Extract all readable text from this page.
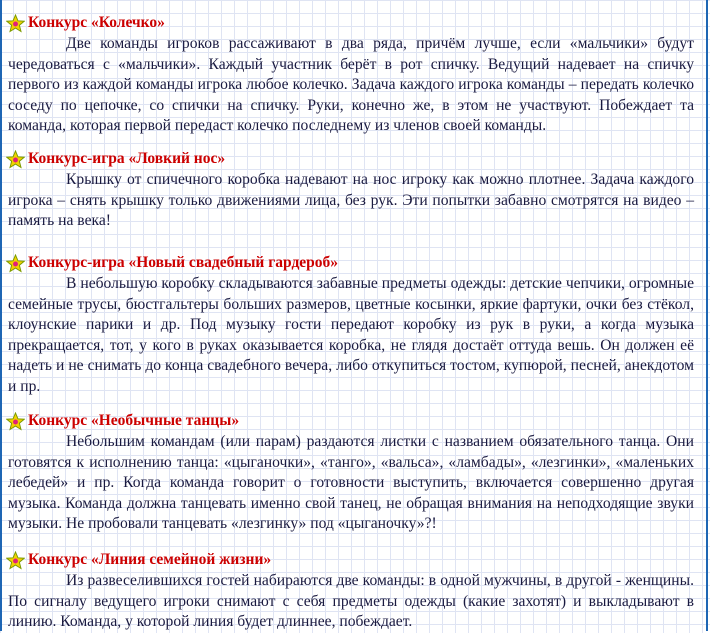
Конкурс «Колечко»

Две команды игроков рассаживают в два ряда, причём лучше, если «мальчики» будут чередоваться с «мальчики». Каждый участник берёт в рот спичку. Ведущий надевает на спичку первого из каждой команды игрока любое колечко. Задача каждого игрока команды – передать колечко соседу по цепочке, со спички на спичку. Руки, конечно же, в этом не участвуют. Побеждает та команда, которая первой передаст колечко последнему из членов своей команды.

Конкурс-игра «Ловкий нос»

Крышку от спичечного коробка надевают на нос игроку как можно плотнее. Задача каждого игрока – снять крышку только движениями лица, без рук. Эти попытки забавно смотрятся на видео – память на века!

Конкурс-игра «Новый свадебный гардероб»

В небольшую коробку складываются забавные предметы одежды: детские чепчики, огромные семейные трусы, бюстгальтеры больших размеров, цветные косынки, яркие фартуки, очки без стёкол, клоунские парики и др. Под музыку гости передают коробку из рук в руки, а когда музыка прекращается, тот, у кого в руках оказывается коробка, не глядя достаёт оттуда вешь. Он должен её надеть и не снимать до конца свадебного вечера, либо откупиться тостом, купюрой, песней, анекдотом и пр.

Конкурс «Необычные танцы»

Небольшим командам (или парам) раздаются листки с названием обязательного танца. Они готовятся к исполнению танца: «цыганочки», «танго», «вальса», «ламбады», «лезгинки», «маленьких лебедей» и пр. Когда команда говорит о готовности выступить, включается совершенно другая музыка. Команда должна танцевать именно свой танец, не обращая внимания на неподходящие звуки музыки. Не пробовали танцевать «лезгинку» под «цыганочку»?!

Конкурс «Линия семейной жизни»

Из развеселившихся гостей набираются две команды: в одной мужчины, в другой - женщины. По сигналу ведущего игроки снимают с себя предметы одежды (какие захотят) и выкладывают в линию. Команда, у которой линия будет длиннее, побеждает.
